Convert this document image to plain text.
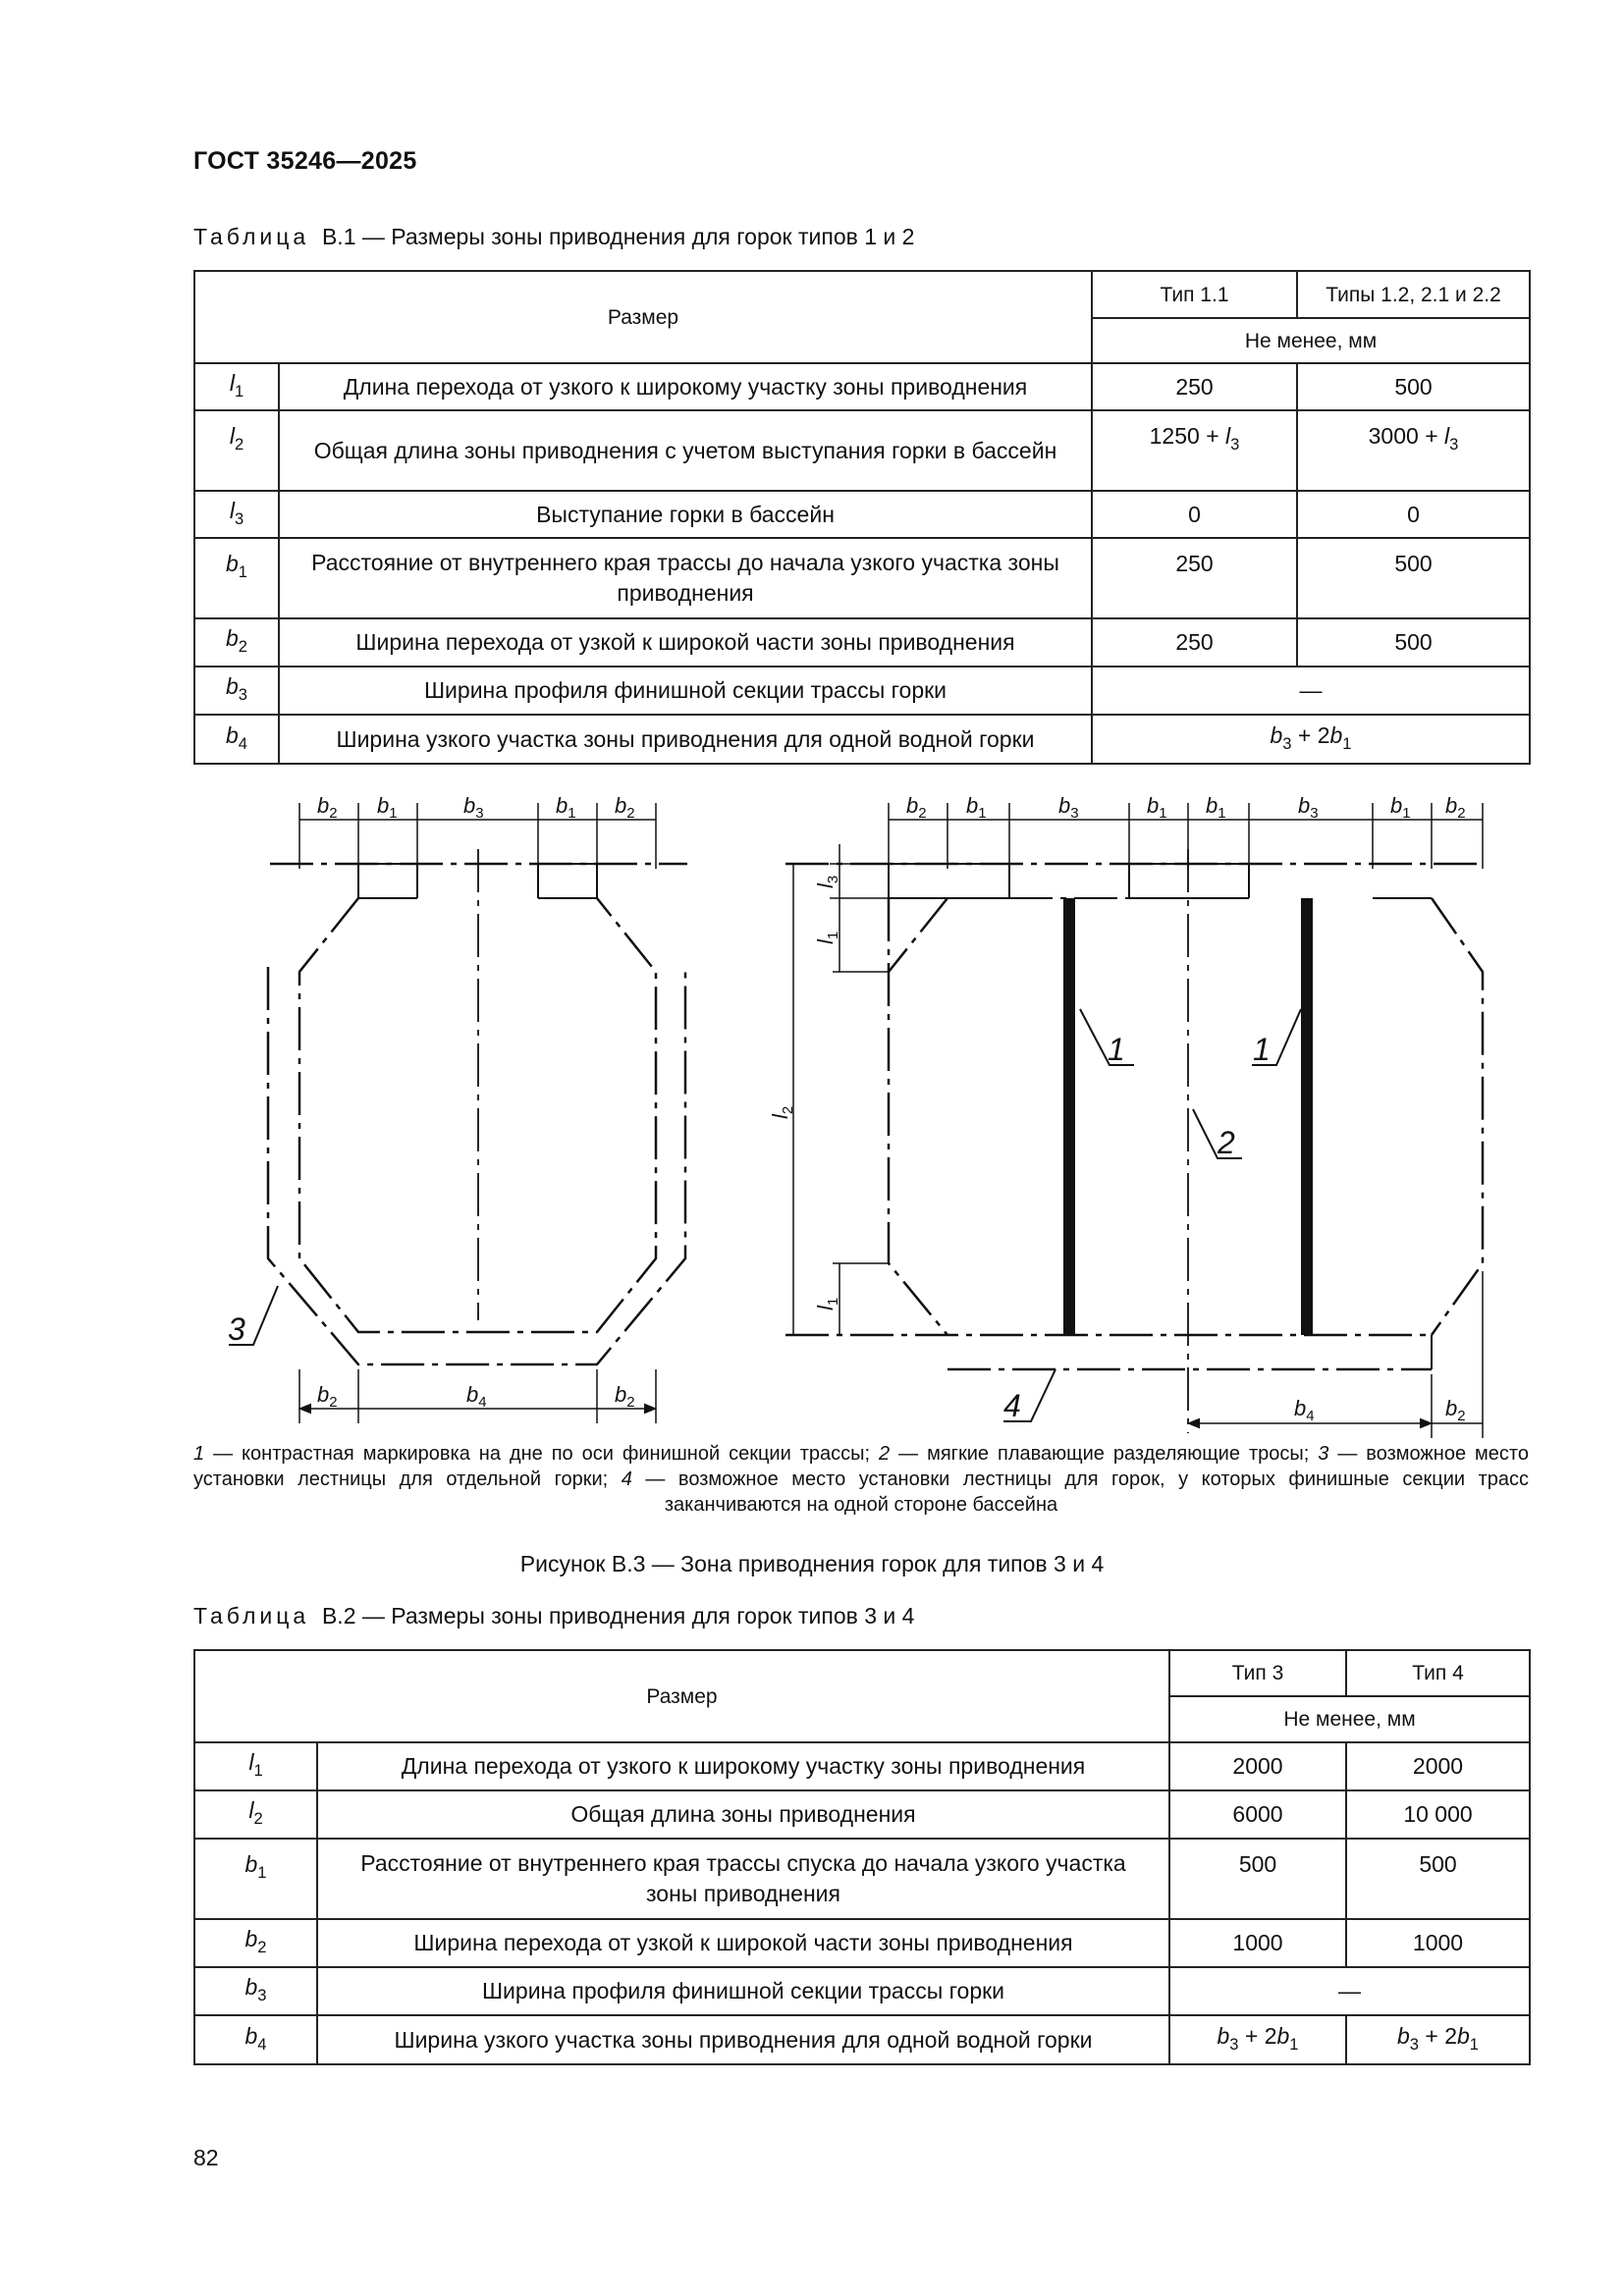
ГОСТ 35246—2025
Таблица В.1 — Размеры зоны приводнения для горок типов 1 и 2
Размер		Тип 1.1	Типы 1.2, 2.1 и 2.2
		Не менее, мм	
$l_1$	Длина перехода от узкого к широкому участку зоны приводнения	250	500
$l_2$	Общая длина зоны приводнения с учетом выступания горки в бассейн	$1250 + l_3$	$3000 + l_3$
$l_3$	Выступание горки в бассейн	0	0
$b_1$	Расстояние от внутреннего края трассы до начала узкого участка зоны приводнения	250	500
$b_2$	Ширина перехода от узкой к широкой части зоны приводнения	250	500
$b_3$	Ширина профиля финишной секции трассы горки	—	
$b_4$	Ширина узкого участка зоны приводнения для одной водной горки	$b_3 + 2b_1$
$b_2$ $b_1$	$b_3$	$b_1$ $b_2$
$b_2$	$b_4$	$b_2$
$b_2$ $b_1$	$b_3$	$b_1$ $b_1$	$b_3$	$b_1$ $b_2$
$b_4$	$b_2$
$l_3$
$l_1$
$l_2$
$l_1$
1	1
2
3
4
1 — контрастная маркировка на дне по оси финишной секции трассы; 2 — мягкие плавающие разделяющие тросы; 3 — возможное место установки лестницы для отдельной горки; 4 — возможное место установки лестницы для горок, у которых финишные секции трасс заканчиваются на одной стороне бассейна
Рисунок В.3 — Зона приводнения горок для типов 3 и 4
Таблица В.2 — Размеры зоны приводнения для горок типов 3 и 4
Размер		Тип 3	Тип 4
		Не менее, мм	
$l_1$	Длина перехода от узкого к широкому участку зоны приводнения	2000	2000
$l_2$	Общая длина зоны приводнения	6000	10 000
$b_1$	Расстояние от внутреннего края трассы спуска до начала узкого участка зоны приводнения	500	500
$b_2$	Ширина перехода от узкой к широкой части зоны приводнения	1000	1000
$b_3$	Ширина профиля финишной секции трассы горки	—	
$b_4$	Ширина узкого участка зоны приводнения для одной водной горки	$b_3 + 2b_1$	$b_3 + 2b_1$
82
